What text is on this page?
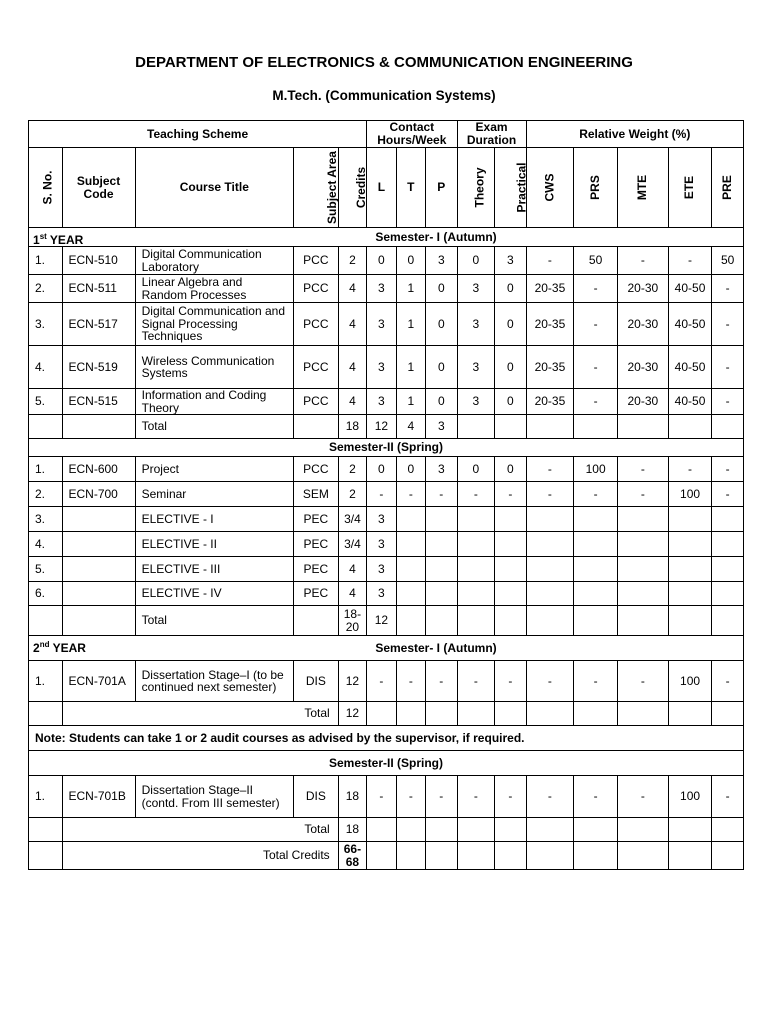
DEPARTMENT OF ELECTRONICS & COMMUNICATION ENGINEERING
M.Tech. (Communication Systems)
Teaching Scheme					Contact Hours/Week			Exam Duration		Relative Weight (%)				
S. No.	Subject Code	Course Title	Subject Area	Credits	L	T	P	Theory	Practical	CWS	PRS	MTE	ETE	PRE

1st YEAR Semester- I (Autumn)														
1.	ECN-510	Digital Communication Laboratory	PCC	2	0	0	3	0	3	-	50	-	-	50
2.	ECN-511	Linear Algebra and Random Processes	PCC	4	3	1	0	3	0	20-35	-	20-30	40-50	-
3.	ECN-517	Digital Communication and Signal Processing Techniques	PCC	4	3	1	0	3	0	20-35	-	20-30	40-50	-
4.	ECN-519	Wireless Communication Systems	PCC	4	3	1	0	3	0	20-35	-	20-30	40-50	-
5.	ECN-515	Information and Coding Theory	PCC	4	3	1	0	3	0	20-35	-	20-30	40-50	-
		Total		18	12	4	3							
Semester-II (Spring)														
1.	ECN-600	Project	PCC	2	0	0	3	0	0	-	100	-	-	-
2.	ECN-700	Seminar	SEM	2	-	-	-	-	-	-	-	-	100	-
3.		ELECTIVE - I	PEC	3/4	3									
4.		ELECTIVE - II	PEC	3/4	3									
5.		ELECTIVE - III	PEC	4	3									
6.		ELECTIVE - IV	PEC	4	3									
		Total		18-20	12									

2nd YEAR Semester- I (Autumn)														
1.	ECN-701A	Dissertation Stage–I (to be continued next semester)	DIS	12	-	-	-	-	-	-	-	-	100	-
	Total			12										
Note: Students can take 1 or 2 audit courses as advised by the supervisor, if required.														
Semester-II (Spring)														
1.	ECN-701B	Dissertation Stage–II (contd. From III semester)	DIS	18	-	-	-	-	-	-	-	-	100	-
	Total			18										
	Total Credits			66-68										
